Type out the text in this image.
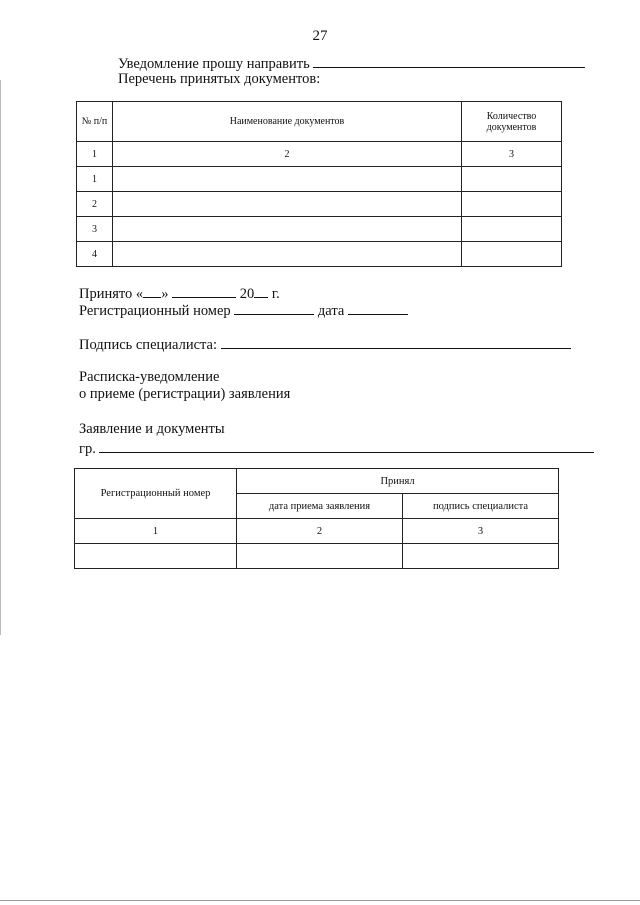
27
Уведомление прошу направить
Перечень принятых документов:
№ п/п	Наименование документов	Количество документов
1	2	3
1		
2		
3		
4		
Принято « »	20 г.
Регистрационный номер	дата
Подпись специалиста:
Расписка-уведомление
о приеме (регистрации) заявления
Заявление и документы
гр.
Регистрационный номер	Принял	
	дата приема заявления	подпись специалиста
1	2	3
